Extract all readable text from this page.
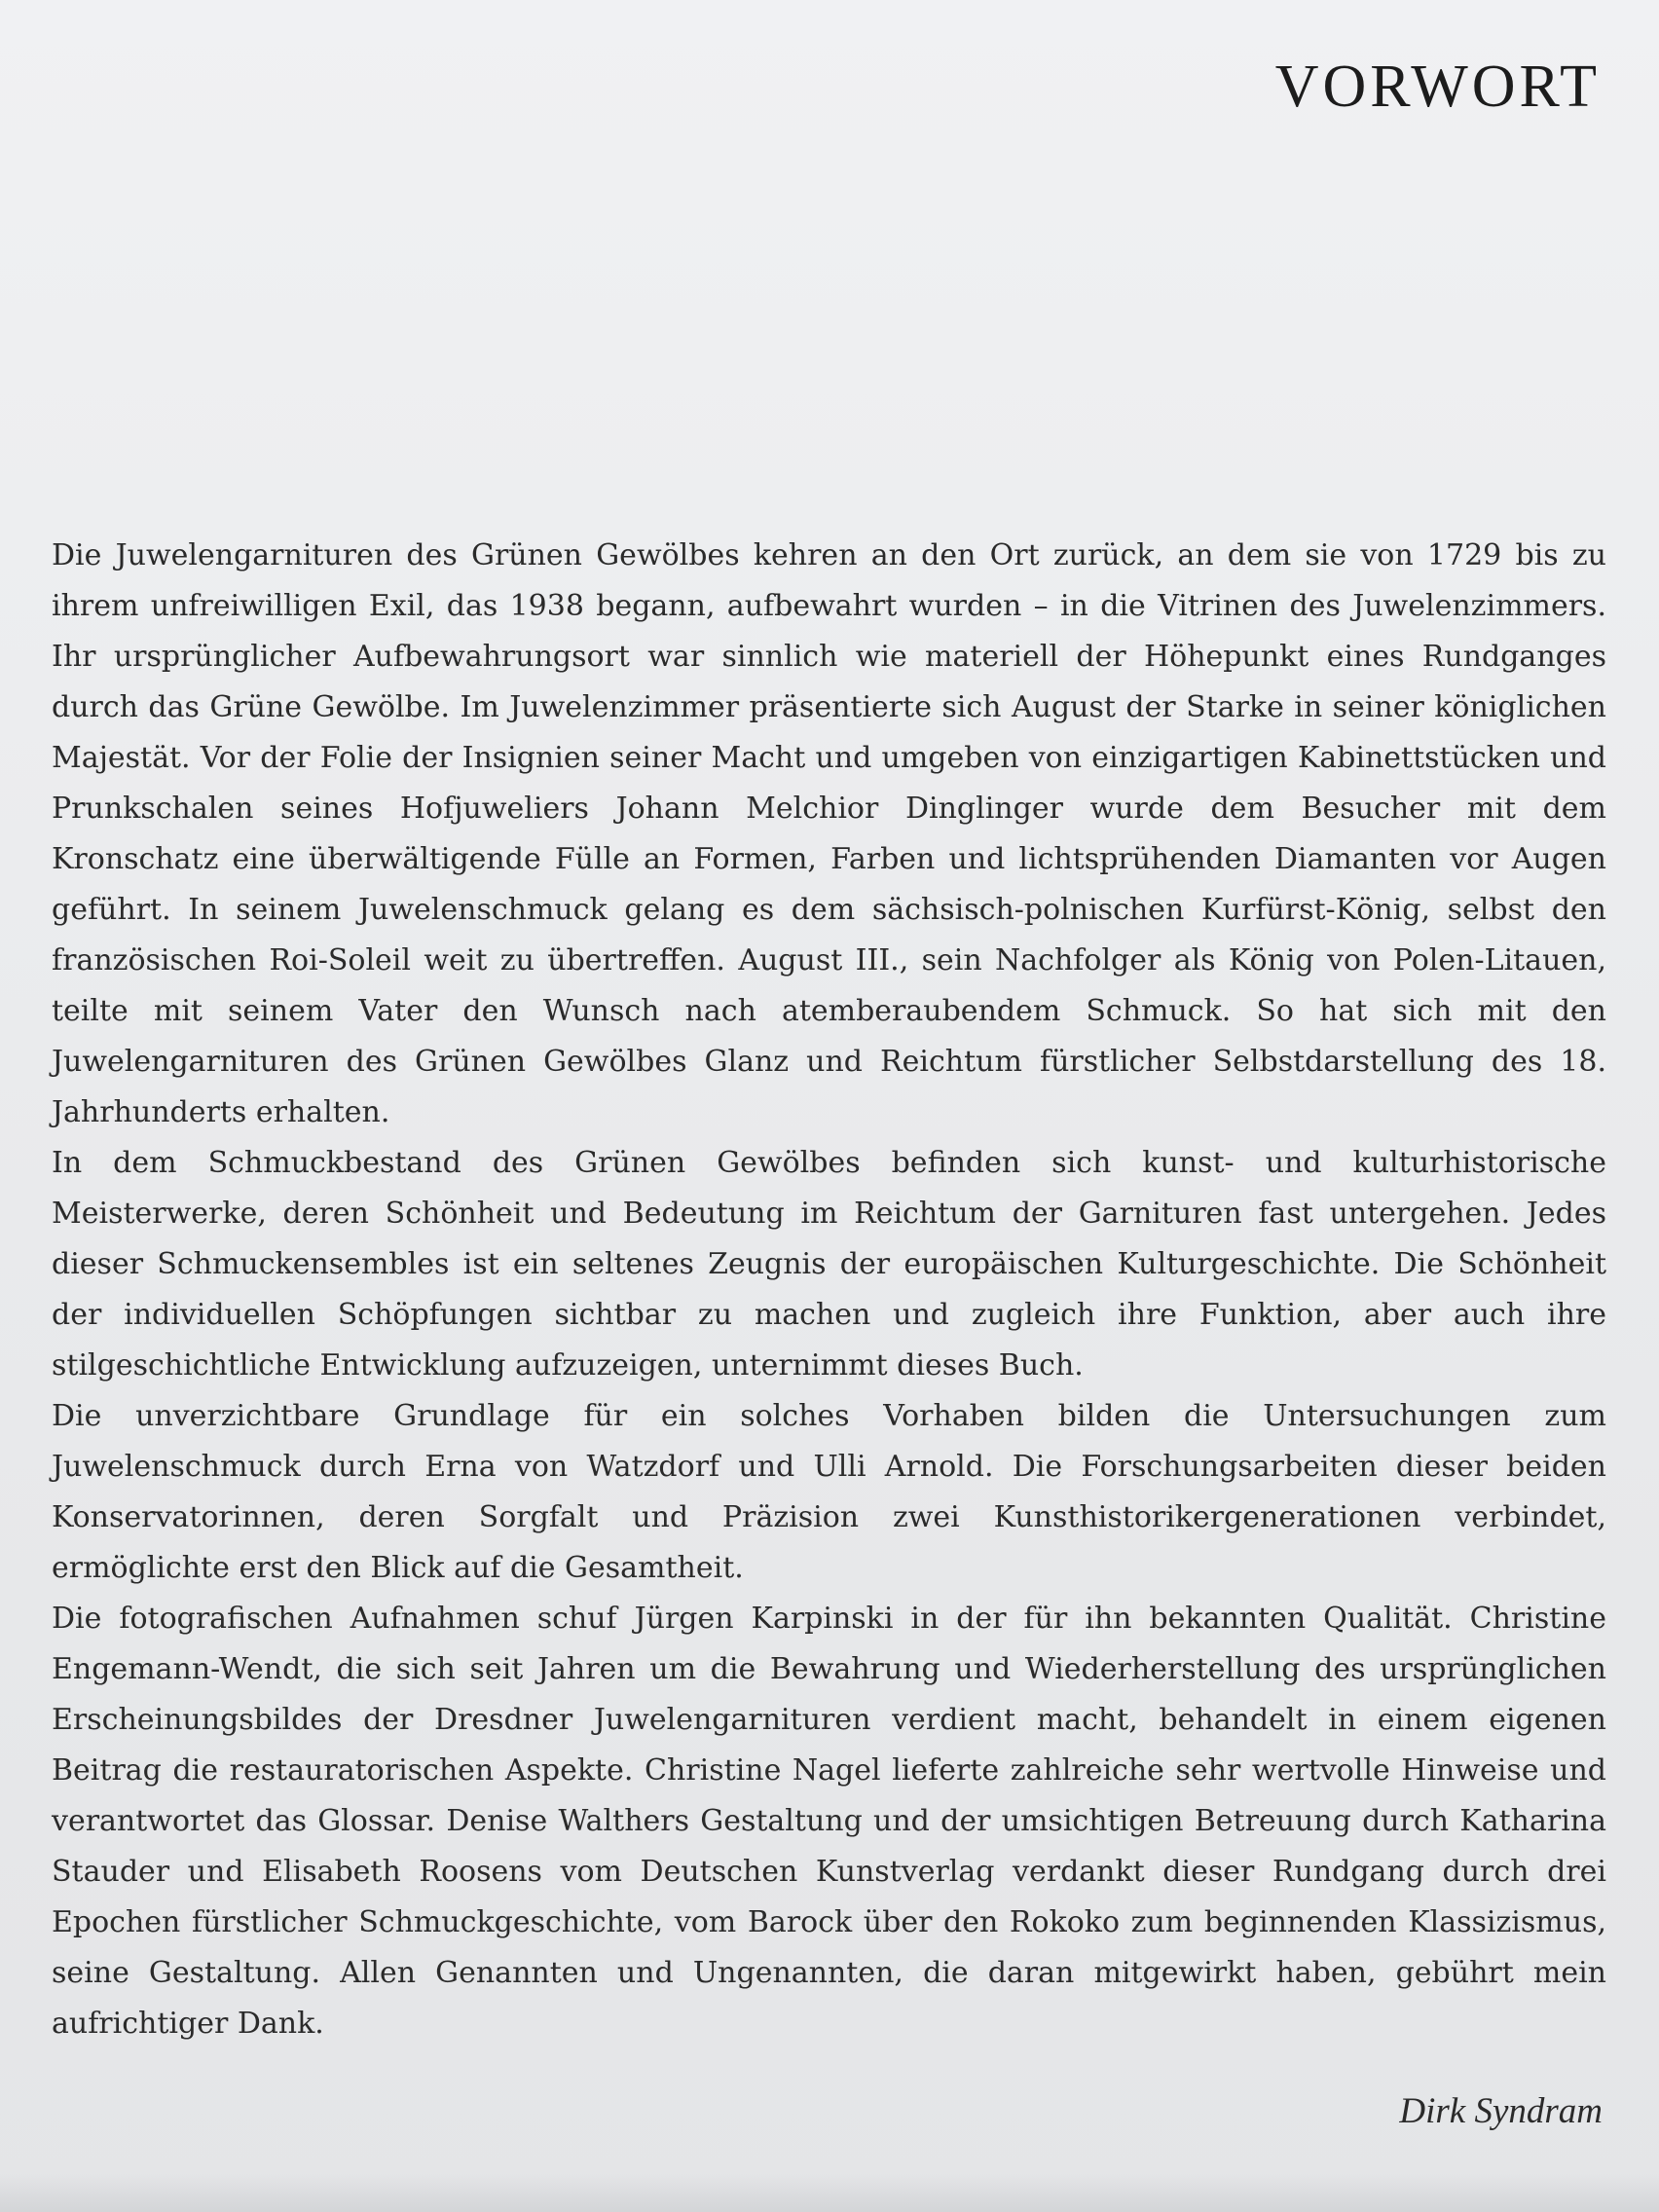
VORWORT

Die Juwelengarnituren des Grünen Gewölbes kehren an den Ort zurück, an dem sie von 1729 bis zu ihrem unfreiwilligen Exil, das 1938 begann, aufbewahrt wurden – in die Vitrinen des Juwelenzimmers. Ihr ursprünglicher Aufbewahrungsort war sinnlich wie materiell der Höhepunkt eines Rundganges durch das Grüne Gewölbe. Im Juwelenzimmer präsentierte sich August der Starke in seiner königlichen Majestät. Vor der Folie der Insignien seiner Macht und umgeben von einzigartigen Kabinettstücken und Prunkschalen seines Hofjuweliers Johann Melchior Dinglinger wurde dem Besucher mit dem Kronschatz eine überwältigende Fülle an Formen, Farben und lichtsprühenden Diamanten vor Augen geführt. In seinem Juwelenschmuck gelang es dem sächsisch-polnischen Kurfürst-König, selbst den französischen Roi-Soleil weit zu übertreffen. August III., sein Nachfolger als König von Polen-Litauen, teilte mit seinem Vater den Wunsch nach atemberaubendem Schmuck. So hat sich mit den Juwelengarnituren des Grünen Gewölbes Glanz und Reichtum fürstlicher Selbstdarstellung des 18. Jahrhunderts erhalten.

In dem Schmuckbestand des Grünen Gewölbes befinden sich kunst- und kulturhistorische Meisterwerke, deren Schönheit und Bedeutung im Reichtum der Garnituren fast untergehen. Jedes dieser Schmuckensembles ist ein seltenes Zeugnis der europäischen Kulturgeschichte. Die Schönheit der individuellen Schöpfungen sichtbar zu machen und zugleich ihre Funktion, aber auch ihre stilgeschichtliche Entwicklung aufzuzeigen, unternimmt dieses Buch.

Die unverzichtbare Grundlage für ein solches Vorhaben bilden die Untersuchungen zum Juwelenschmuck durch Erna von Watzdorf und Ulli Arnold. Die Forschungsarbeiten dieser beiden Konservatorinnen, deren Sorgfalt und Präzision zwei Kunsthistorikergenerationen verbindet, ermöglichte erst den Blick auf die Gesamtheit.

Die fotografischen Aufnahmen schuf Jürgen Karpinski in der für ihn bekannten Qualität. Christine Engemann-Wendt, die sich seit Jahren um die Bewahrung und Wiederherstellung des ursprünglichen Erscheinungsbildes der Dresdner Juwelengarnituren verdient macht, behandelt in einem eigenen Beitrag die restauratorischen Aspekte. Christine Nagel lieferte zahlreiche sehr wertvolle Hinweise und verantwortet das Glossar. Denise Walthers Gestaltung und der umsichtigen Betreuung durch Katharina Stauder und Elisabeth Roosens vom Deutschen Kunstverlag verdankt dieser Rundgang durch drei Epochen fürstlicher Schmuckgeschichte, vom Barock über den Rokoko zum beginnenden Klassizismus, seine Gestaltung. Allen Genannten und Ungenannten, die daran mitgewirkt haben, gebührt mein aufrichtiger Dank.

Dirk Syndram
